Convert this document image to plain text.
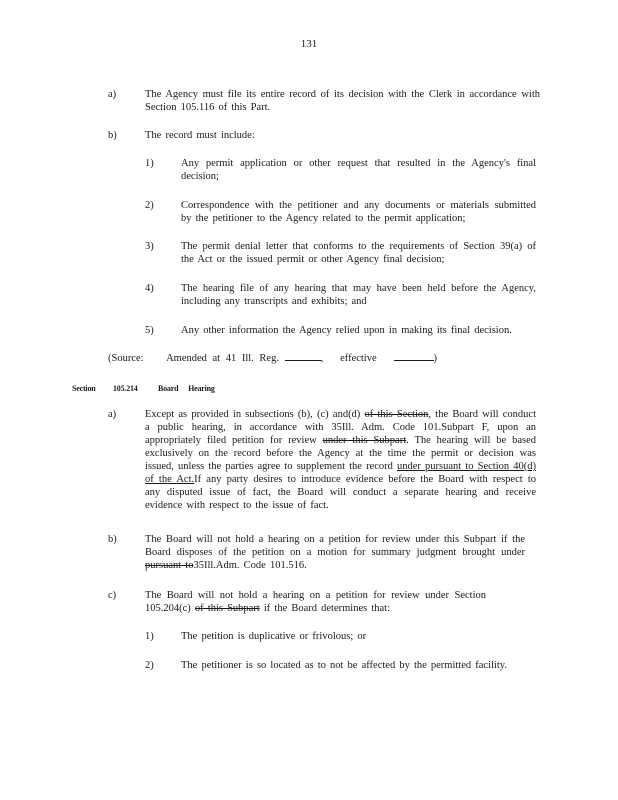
131
a)	The Agency must file its entire record of its decision with the Clerk in accordance with Section 105.116 of this Part.
b)	The record must include:
1)	Any permit application or other request that resulted in the Agency's final decision;
2)	Correspondence with the petitioner and any documents or materials submitted by the petitioner to the Agency related to the permit application;
3)	The permit denial letter that conforms to the requirements of Section 39(a) of the Act or the issued permit or other Agency final decision;
4)	The hearing file of any hearing that may have been held before the Agency, including any transcripts and exhibits; and
5)	Any other information the Agency relied upon in making its final decision.
(Source: Amended at 41 Ill. Reg.	,   effective	)
Section 105.214	Board Hearing
a)	Except as provided in subsections (b), (c) and(d) of this Section, the Board will conduct a public hearing, in accordance with 35Ill. Adm. Code 101.Subpart F, upon an appropriately filed petition for review under this Subpart. The hearing will be based exclusively on the record before the Agency at the time the permit or decision was issued, unless the parties agree to supplement the record under pursuant to Section 40(d) of the Act.If any party desires to introduce evidence before the Board with respect to any disputed issue of fact, the Board will conduct a separate hearing and receive evidence with respect to the issue of fact.
b)	The Board will not hold a hearing on a petition for review under this Subpart if the Board disposes of the petition on a motion for summary judgment brought under pursuant to35Ill.Adm. Code 101.516.
c)	The Board will not hold a hearing on a petition for review under Section 105.204(c) of this Subpart if the Board determines that:
1)	The petition is duplicative or frivolous; or
2)	The petitioner is so located as to not be affected by the permitted facility.
